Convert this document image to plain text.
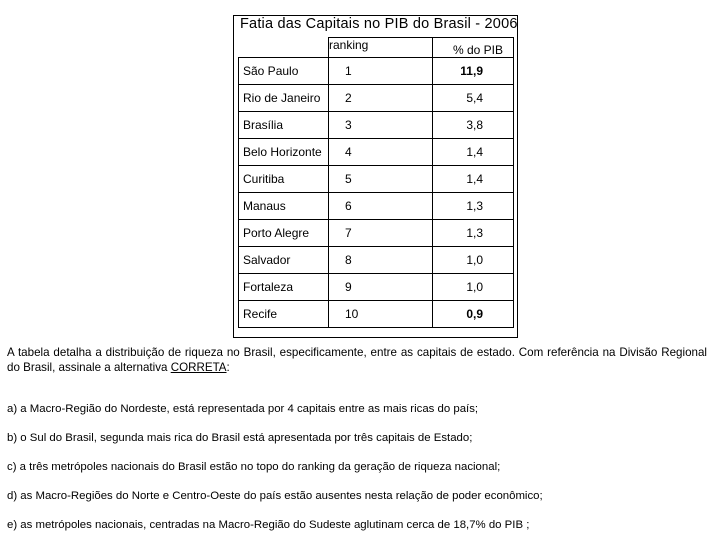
Fatia das Capitais no PIB do Brasil - 2006
	ranking	% do PIB
São Paulo	1	11,9
Rio de Janeiro	2	5,4
Brasília	3	3,8
Belo Horizonte	4	1,4
Curitiba	5	1,4
Manaus	6	1,3
Porto Alegre	7	1,3
Salvador	8	1,0
Fortaleza	9	1,0
Recife	10	0,9
A tabela detalha a distribuição de riqueza no Brasil, especificamente, entre as capitais de estado. Com referência na Divisão Regional do Brasil, assinale a alternativa CORRETA:
a) a Macro-Região do Nordeste, está representada por 4 capitais entre as mais ricas do país;
b) o Sul do Brasil, segunda mais rica do Brasil está apresentada por três capitais de Estado;
c) a três metrópoles nacionais do Brasil estão no topo do ranking da geração de riqueza nacional;
d) as Macro-Regiões do Norte e Centro-Oeste do país estão ausentes nesta relação de poder econômico;
e) as metrópoles nacionais, centradas na Macro-Região do Sudeste aglutinam cerca de 18,7% do PIB ;
